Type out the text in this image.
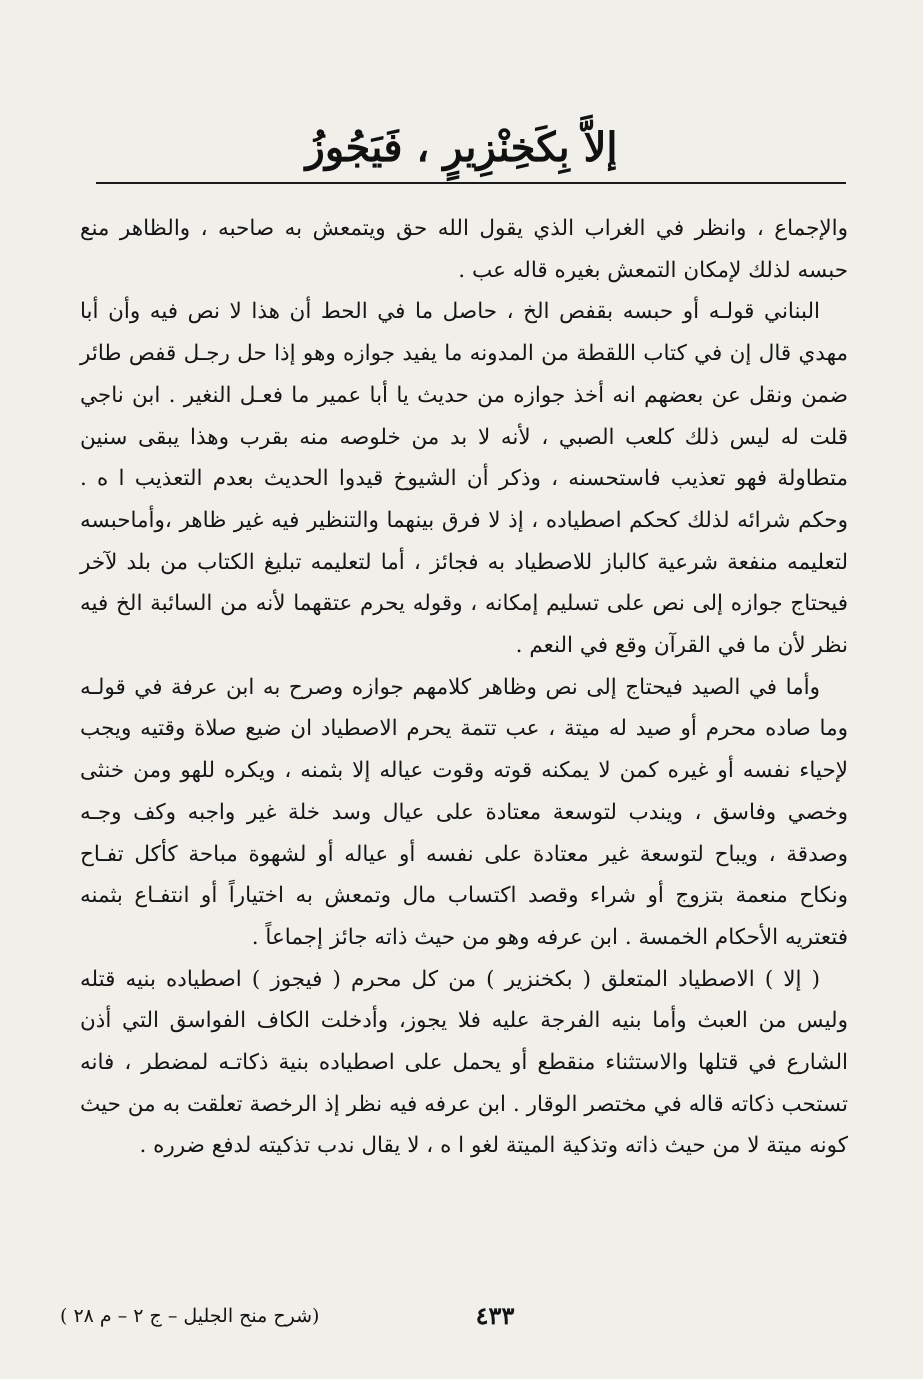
إلاَّ بِكَخِنْزِيرٍ ، فَيَجُوزُ

والإجماع ، وانظر في الغراب الذي يقول الله حق ويتمعش به صاحبه ، والظاهر منع حبسه لذلك لإمكان التمعش بغيره قاله عب .

البناني قولـه أو حبسه بقفص الخ ، حاصل ما في الحط أن هذا لا نص فيه وأن أبا مهدي قال إن في كتاب اللقطة من المدونه ما يفيد جوازه وهو إذا حل رجـل قفص طائر ضمن ونقل عن بعضهم انه أخذ جوازه من حديث يا أبا عمير ما فعـل النغير . ابن ناجي قلت له ليس ذلك كلعب الصبي ، لأنه لا بد من خلوصه منه بقرب وهذا يبقى سنين متطاولة فهو تعذيب فاستحسنه ، وذكر أن الشيوخ قيدوا الحديث بعدم التعذيب ا ه . وحكم شرائه لذلك كحكم اصطياده ، إذ لا فرق بينهما والتنظير فيه غير ظاهر ،وأماحبسه لتعليمه منفعة شرعية كالباز للاصطياد به فجائز ، أما لتعليمه تبليغ الكتاب من بلد لآخر فيحتاج جوازه إلى نص على تسليم إمكانه ، وقوله يحرم عتقهما لأنه من السائبة الخ فيه نظر لأن ما في القرآن وقع في النعم .

وأما في الصيد فيحتاج إلى نص وظاهر كلامهم جوازه وصرح به ابن عرفة في قولـه وما صاده محرم أو صيد له ميتة ، عب تتمة يحرم الاصطياد ان ضيع صلاة وقتيه ويجب لإحياء نفسه أو غيره كمن لا يمكنه قوته وقوت عياله إلا بثمنه ، ويكره للهو ومن خنثى وخصي وفاسق ، ويندب لتوسعة معتادة على عيال وسد خلة غير واجبه وكف وجـه وصدقة ، ويباح لتوسعة غير معتادة على نفسه أو عياله أو لشهوة مباحة كأكل تفـاح ونكاح منعمة بتزوج أو شراء وقصد اكتساب مال وتمعش به اختياراً أو انتفـاع بثمنه فتعتريه الأحكام الخمسة . ابن عرفه وهو من حيث ذاته جائز إجماعاً .

( إلا ) الاصطياد المتعلق ( بكخنزير ) من كل محرم ( فيجوز ) اصطياده بنيه قتله وليس من العبث وأما بنيه الفرجة عليه فلا يجوز، وأدخلت الكاف الفواسق التي أذن الشارع في قتلها والاستثناء منقطع أو يحمل على اصطياده بنية ذكاتـه لمضطر ، فانه تستحب ذكاته قاله في مختصر الوقار . ابن عرفه فيه نظر إذ الرخصة تعلقت به من حيث كونه ميتة لا من حيث ذاته وتذكية الميتة لغو ا ه ، لا يقال ندب تذكيته لدفع ضرره .

٤٣٣
(شرح منح الجليل – ج ٢ – م ٢٨ )
